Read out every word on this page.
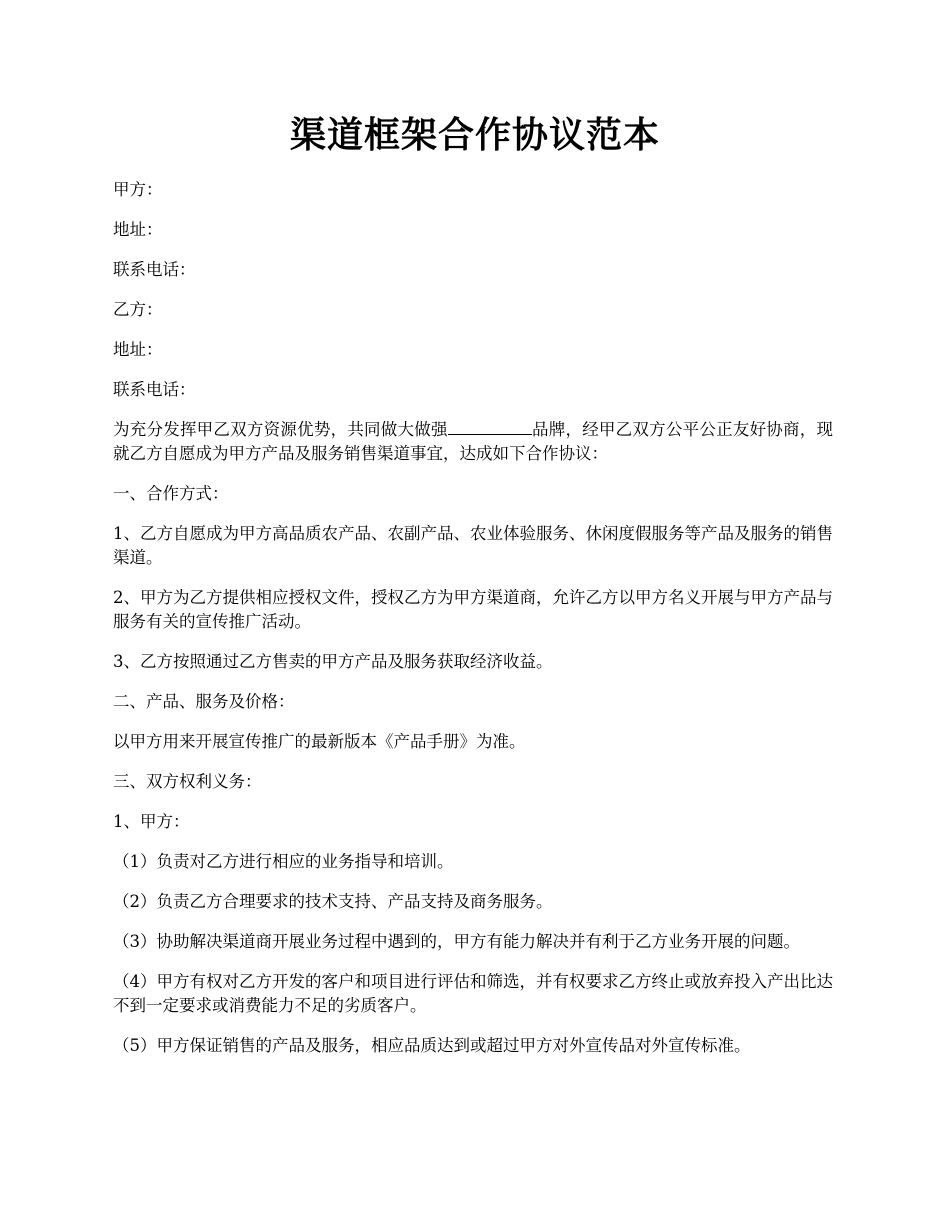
渠道框架合作协议范本

甲方：

地址：

联系电话：

乙方：

地址：

联系电话：

为充分发挥甲乙双方资源优势，共同做大做强	品牌，经甲乙双方公平公正友好协商，现就乙方自愿成为甲方产品及服务销售渠道事宜，达成如下合作协议：

一、合作方式：

1、乙方自愿成为甲方高品质农产品、农副产品、农业体验服务、休闲度假服务等产品及服务的销售渠道。

2、甲方为乙方提供相应授权文件，授权乙方为甲方渠道商，允许乙方以甲方名义开展与甲方产品与服务有关的宣传推广活动。

3、乙方按照通过乙方售卖的甲方产品及服务获取经济收益。

二、产品、服务及价格：

以甲方用来开展宣传推广的最新版本《产品手册》为准。

三、双方权利义务：

1、甲方：

（1）负责对乙方进行相应的业务指导和培训。

（2）负责乙方合理要求的技术支持、产品支持及商务服务。

（3）协助解决渠道商开展业务过程中遇到的，甲方有能力解决并有利于乙方业务开展的问题。

（4）甲方有权对乙方开发的客户和项目进行评估和筛选，并有权要求乙方终止或放弃投入产出比达不到一定要求或消费能力不足的劣质客户。

（5）甲方保证销售的产品及服务，相应品质达到或超过甲方对外宣传品对外宣传标准。
